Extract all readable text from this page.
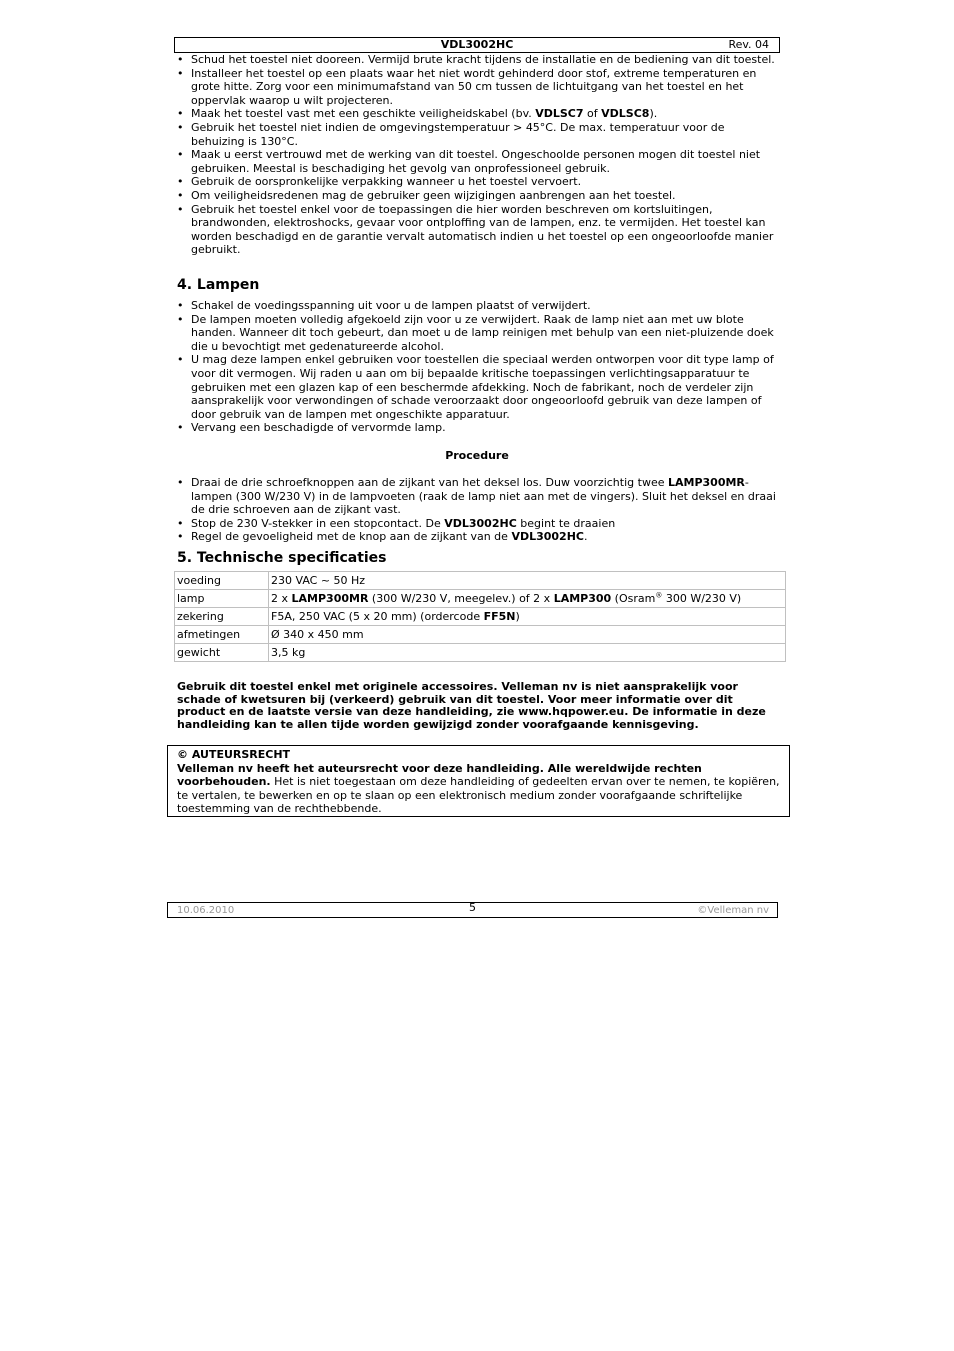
VDL3002HC	Rev. 04
• Schud het toestel niet dooreen. Vermijd brute kracht tijdens de installatie en de bediening van dit toestel.
• Installeer het toestel op een plaats waar het niet wordt gehinderd door stof, extreme temperaturen en grote hitte. Zorg voor een minimumafstand van 50 cm tussen de lichtuitgang van het toestel en het oppervlak waarop u wilt projecteren.
• Maak het toestel vast met een geschikte veiligheidskabel (bv. VDLSC7 of VDLSC8).
• Gebruik het toestel niet indien de omgevingstemperatuur > 45°C. De max. temperatuur voor de behuizing is 130°C.
• Maak u eerst vertrouwd met de werking van dit toestel. Ongeschoolde personen mogen dit toestel niet gebruiken. Meestal is beschadiging het gevolg van onprofessioneel gebruik.
• Gebruik de oorspronkelijke verpakking wanneer u het toestel vervoert.
• Om veiligheidsredenen mag de gebruiker geen wijzigingen aanbrengen aan het toestel.
• Gebruik het toestel enkel voor de toepassingen die hier worden beschreven om kortsluitingen, brandwonden, elektroshocks, gevaar voor ontploffing van de lampen, enz. te vermijden. Het toestel kan worden beschadigd en de garantie vervalt automatisch indien u het toestel op een ongeoorloofde manier gebruikt.
4. Lampen
• Schakel de voedingsspanning uit voor u de lampen plaatst of verwijdert.
• De lampen moeten volledig afgekoeld zijn voor u ze verwijdert. Raak de lamp niet aan met uw blote handen. Wanneer dit toch gebeurt, dan moet u de lamp reinigen met behulp van een niet-pluizende doek die u bevochtigt met gedenatureerde alcohol.
• U mag deze lampen enkel gebruiken voor toestellen die speciaal werden ontworpen voor dit type lamp of voor dit vermogen. Wij raden u aan om bij bepaalde kritische toepassingen verlichtingsapparatuur te gebruiken met een glazen kap of een beschermde afdekking. Noch de fabrikant, noch de verdeler zijn aansprakelijk voor verwondingen of schade veroorzaakt door ongeoorloofd gebruik van deze lampen of door gebruik van de lampen met ongeschikte apparatuur.
• Vervang een beschadigde of vervormde lamp.
Procedure
• Draai de drie schroefknoppen aan de zijkant van het deksel los. Duw voorzichtig twee LAMP300MR-lampen (300 W/230 V) in de lampvoeten (raak de lamp niet aan met de vingers). Sluit het deksel en draai de drie schroeven aan de zijkant vast.
• Stop de 230 V-stekker in een stopcontact. De VDL3002HC begint te draaien
• Regel de gevoeligheid met de knop aan de zijkant van de VDL3002HC.
5. Technische specificaties
voeding	230 VAC ~ 50 Hz
lamp	2 x LAMP300MR (300 W/230 V, meegelev.) of 2 x LAMP300 (Osram® 300 W/230 V)
zekering	F5A, 250 VAC (5 x 20 mm) (ordercode FF5N)
afmetingen	Ø 340 x 450 mm
gewicht	3,5 kg
Gebruik dit toestel enkel met originele accessoires. Velleman nv is niet aansprakelijk voor schade of kwetsuren bij (verkeerd) gebruik van dit toestel. Voor meer informatie over dit product en de laatste versie van deze handleiding, zie www.hqpower.eu. De informatie in deze handleiding kan te allen tijde worden gewijzigd zonder voorafgaande kennisgeving.
© AUTEURSRECHT
Velleman nv heeft het auteursrecht voor deze handleiding. Alle wereldwijde rechten voorbehouden. Het is niet toegestaan om deze handleiding of gedeelten ervan over te nemen, te kopiëren, te vertalen, te bewerken en op te slaan op een elektronisch medium zonder voorafgaande schriftelijke toestemming van de rechthebbende.
10.06.2010	5	©Velleman nv
